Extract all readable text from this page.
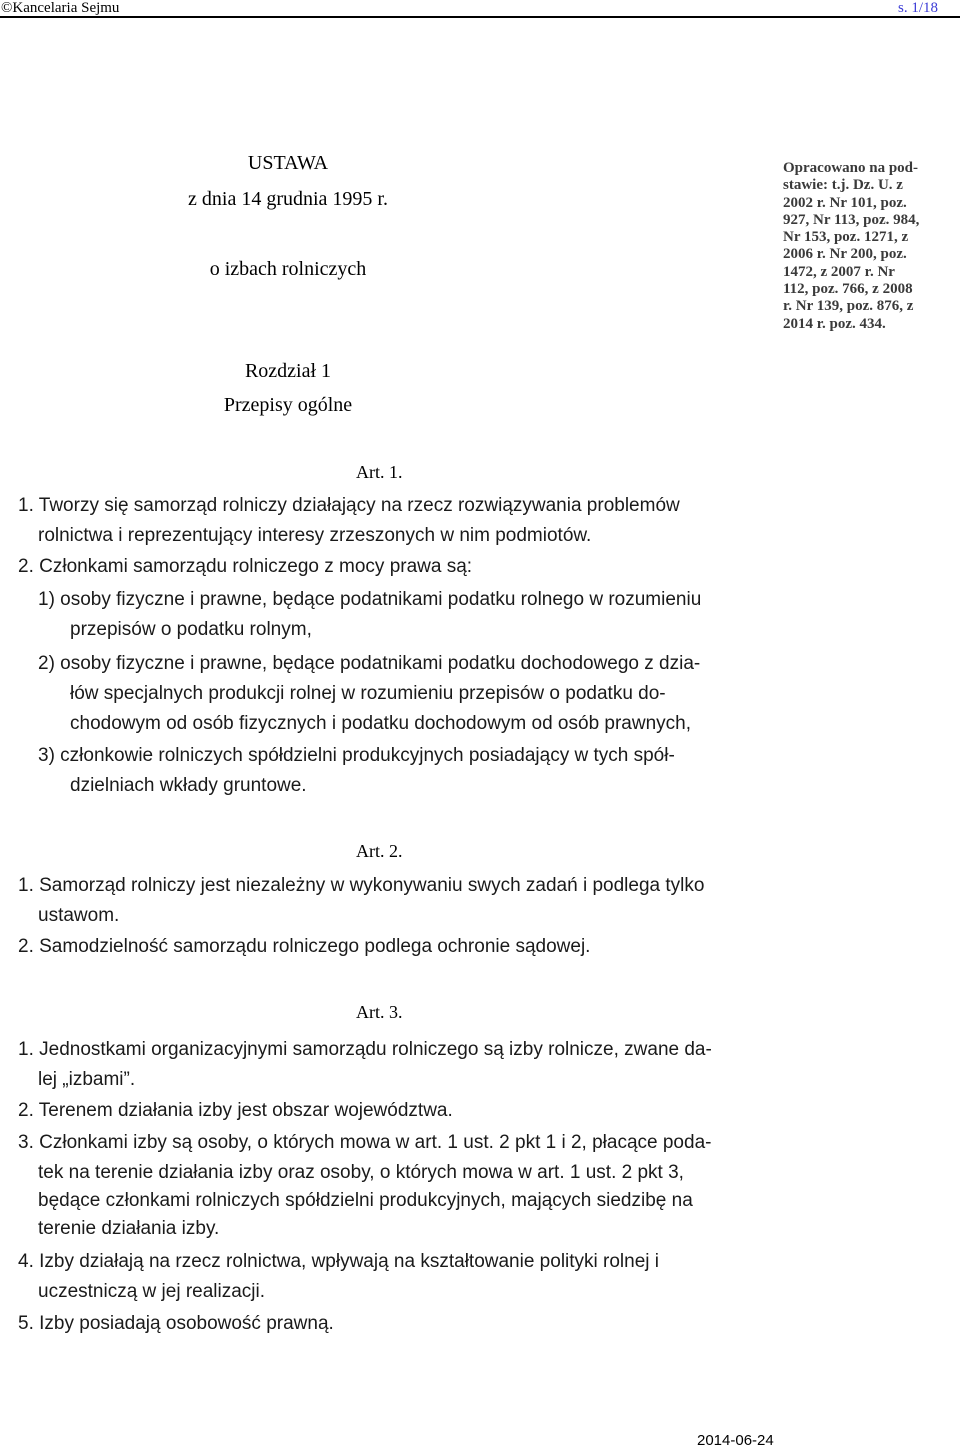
©Kancelaria Sejmu	s. 1/18
USTAWA
z dnia 14 grudnia 1995 r.
o izbach rolniczych
Rozdział 1
Przepisy ogólne
Opracowano na pod-
stawie: t.j. Dz. U. z
2002 r. Nr 101, poz.
927, Nr 113, poz. 984,
Nr 153, poz. 1271, z
2006 r. Nr 200, poz.
1472, z 2007 r. Nr
112, poz. 766, z 2008
r. Nr 139, poz. 876, z
2014 r. poz. 434.
Art. 1.
1. Tworzy się samorząd rolniczy działający na rzecz rozwiązywania problemów
rolnictwa i reprezentujący interesy zrzeszonych w nim podmiotów.
2. Członkami samorządu rolniczego z mocy prawa są:
1) osoby fizyczne i prawne, będące podatnikami podatku rolnego w rozumieniu
przepisów o podatku rolnym,
2) osoby fizyczne i prawne, będące podatnikami podatku dochodowego z dzia-
łów specjalnych produkcji rolnej w rozumieniu przepisów o podatku do-
chodowym od osób fizycznych i podatku dochodowym od osób prawnych,
3) członkowie rolniczych spółdzielni produkcyjnych posiadający w tych spół-
dzielniach wkłady gruntowe.
Art. 2.
1. Samorząd rolniczy jest niezależny w wykonywaniu swych zadań i podlega tylko
ustawom.
2. Samodzielność samorządu rolniczego podlega ochronie sądowej.
Art. 3.
1. Jednostkami organizacyjnymi samorządu rolniczego są izby rolnicze, zwane da-
lej „izbami”.
2. Terenem działania izby jest obszar województwa.
3. Członkami izby są osoby, o których mowa w art. 1 ust. 2 pkt 1 i 2, płacące poda-
tek na terenie działania izby oraz osoby, o których mowa w art. 1 ust. 2 pkt 3,
będące członkami rolniczych spółdzielni produkcyjnych, mających siedzibę na
terenie działania izby.
4. Izby działają na rzecz rolnictwa, wpływają na kształtowanie polityki rolnej i
uczestniczą w jej realizacji.
5. Izby posiadają osobowość prawną.
2014-06-24
